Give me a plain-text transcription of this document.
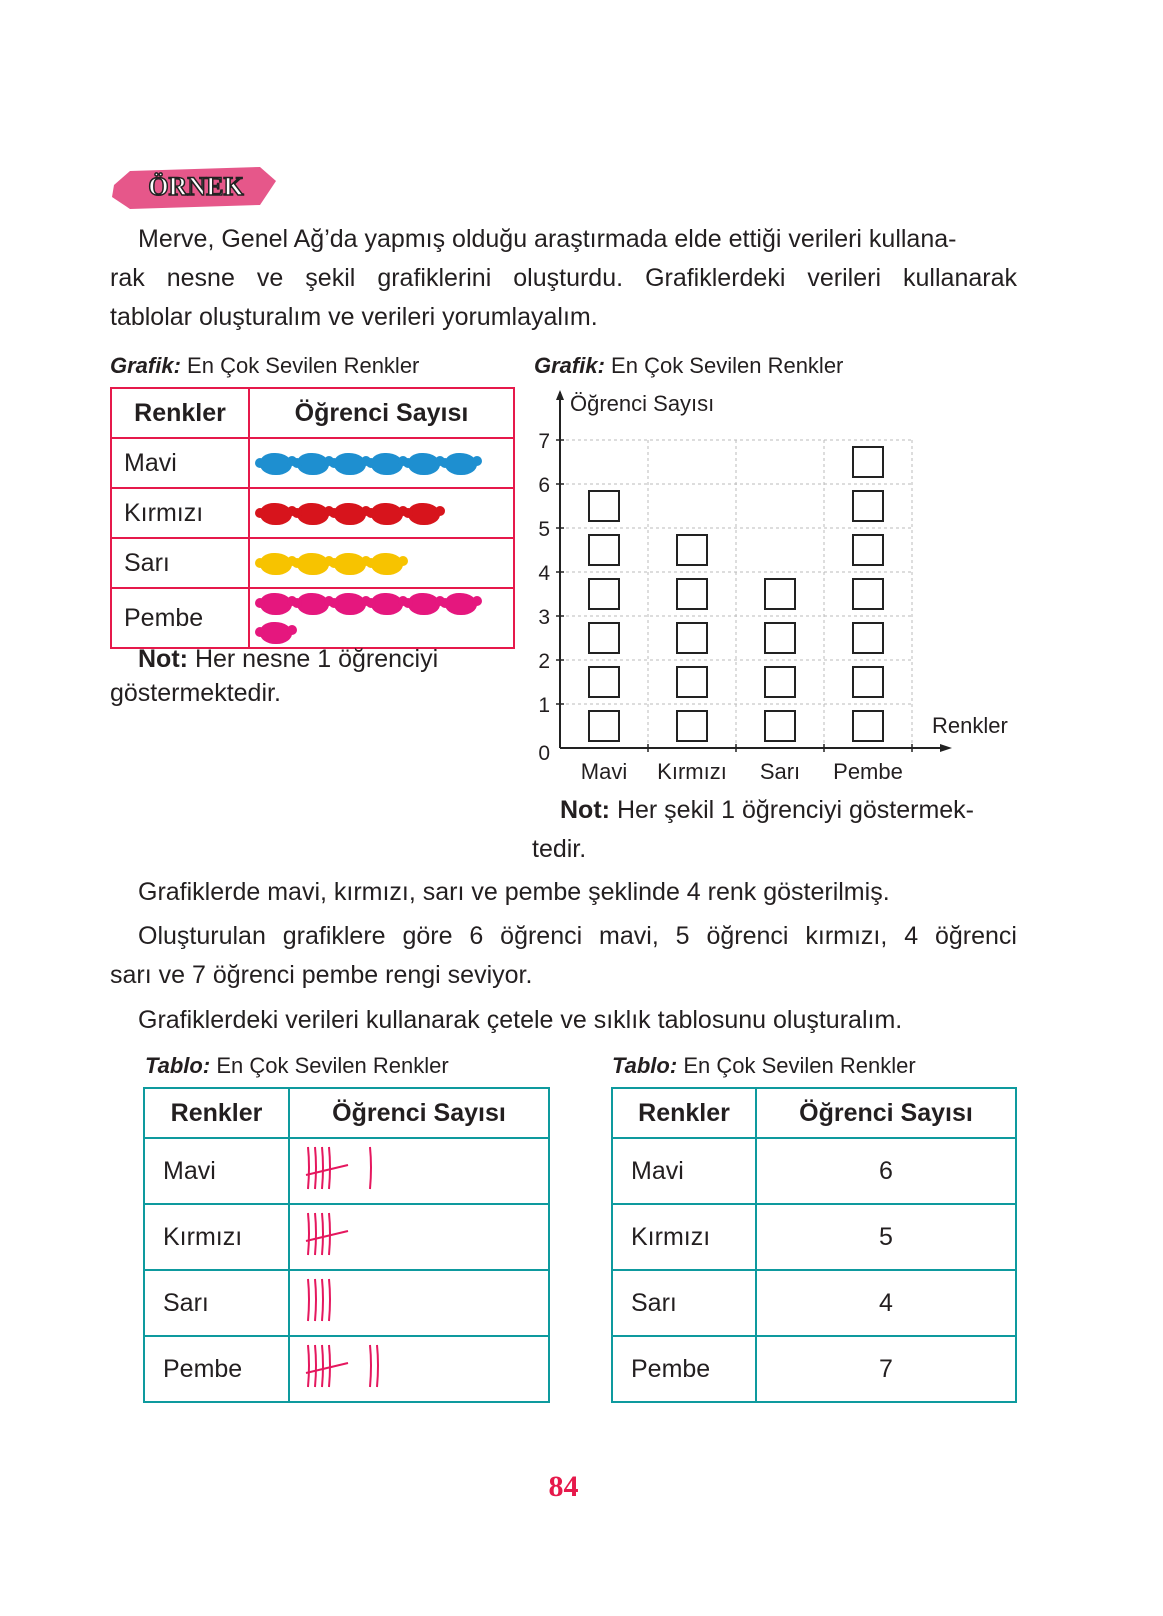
ÖRNEK
Merve, Genel Ağ’da yapmış olduğu araştırmada elde ettiği verileri kullana-
rak nesne ve şekil grafiklerini oluşturdu. Grafiklerdeki verileri kullanarak
tablolar oluşturalım ve verileri yorumlayalım.
Grafik: En Çok Sevilen Renkler
Renkler	Öğrenci Sayısı
Mavi	
Kırmızı	
Sarı	
Pembe	
Not: Her nesne 1 öğrenciyi
göstermektedir.
Grafik: En Çok Sevilen Renkler
0
1
2
3
4
5
6
7
Öğrenci Sayısı
Renkler
Mavi Kırmızı Sarı Pembe
Not: Her şekil 1 öğrenciyi göstermek-
tedir.
Grafiklerde mavi, kırmızı, sarı ve pembe şeklinde 4 renk gösterilmiş.
Oluşturulan grafiklere göre 6 öğrenci mavi, 5 öğrenci kırmızı, 4 öğrenci
sarı ve 7 öğrenci pembe rengi seviyor.
Grafiklerdeki verileri kullanarak çetele ve sıklık tablosunu oluşturalım.
Tablo: En Çok Sevilen Renkler
Renkler	Öğrenci Sayısı
Mavi	
Kırmızı	
Sarı	
Pembe	
Tablo: En Çok Sevilen Renkler
Renkler	Öğrenci Sayısı
Mavi	6
Kırmızı	5
Sarı	4
Pembe	7
84
